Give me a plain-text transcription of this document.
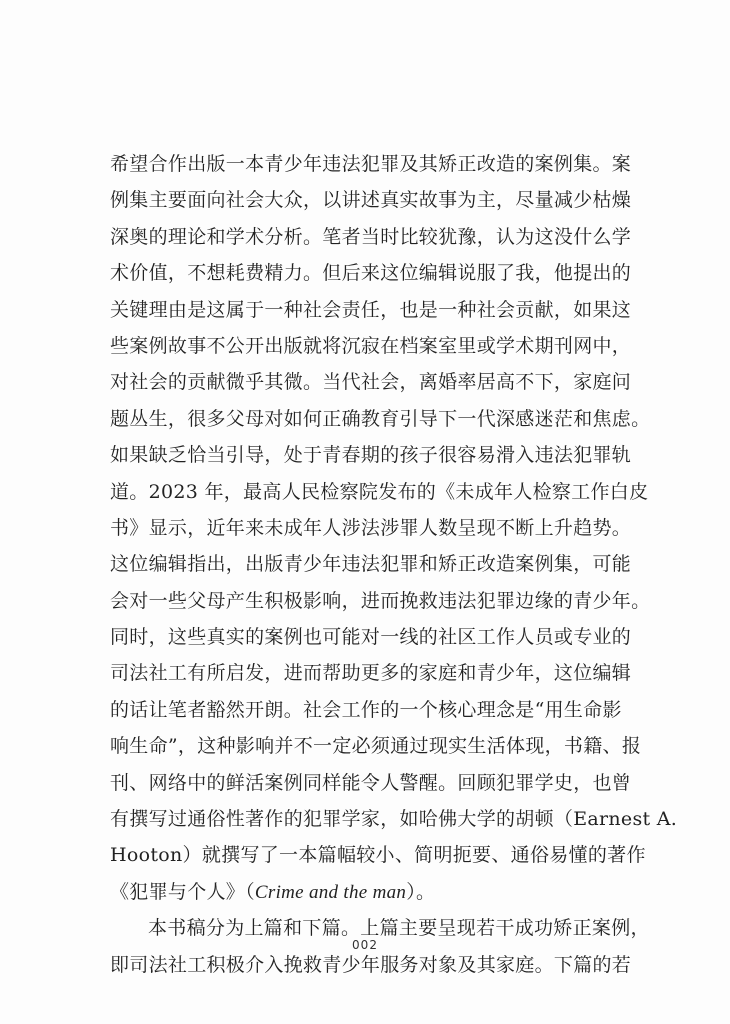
希望合作出版一本青少年违法犯罪及其矫正改造的案例集。案
例集主要面向社会大众，以讲述真实故事为主，尽量减少枯燥
深奥的理论和学术分析。笔者当时比较犹豫，认为这没什么学
术价值，不想耗费精力。但后来这位编辑说服了我，他提出的
关键理由是这属于一种社会责任，也是一种社会贡献，如果这
些案例故事不公开出版就将沉寂在档案室里或学术期刊网中，
对社会的贡献微乎其微。当代社会，离婚率居高不下，家庭问
题丛生，很多父母对如何正确教育引导下一代深感迷茫和焦虑。
如果缺乏恰当引导，处于青春期的孩子很容易滑入违法犯罪轨
道。2023 年，最高人民检察院发布的《未成年人检察工作白皮
书》显示，近年来未成年人涉法涉罪人数呈现不断上升趋势。
这位编辑指出，出版青少年违法犯罪和矫正改造案例集，可能
会对一些父母产生积极影响，进而挽救违法犯罪边缘的青少年。
同时，这些真实的案例也可能对一线的社区工作人员或专业的
司法社工有所启发，进而帮助更多的家庭和青少年，这位编辑
的话让笔者豁然开朗。社会工作的一个核心理念是“用生命影
响生命”，这种影响并不一定必须通过现实生活体现，书籍、报
刊、网络中的鲜活案例同样能令人警醒。回顾犯罪学史，也曾
有撰写过通俗性著作的犯罪学家，如哈佛大学的胡顿（Earnest A.
Hooton）就撰写了一本篇幅较小、简明扼要、通俗易懂的著作
《犯罪与个人》（Crime and the man）。
本书稿分为上篇和下篇。上篇主要呈现若干成功矫正案例，
即司法社工积极介入挽救青少年服务对象及其家庭。下篇的若
002
